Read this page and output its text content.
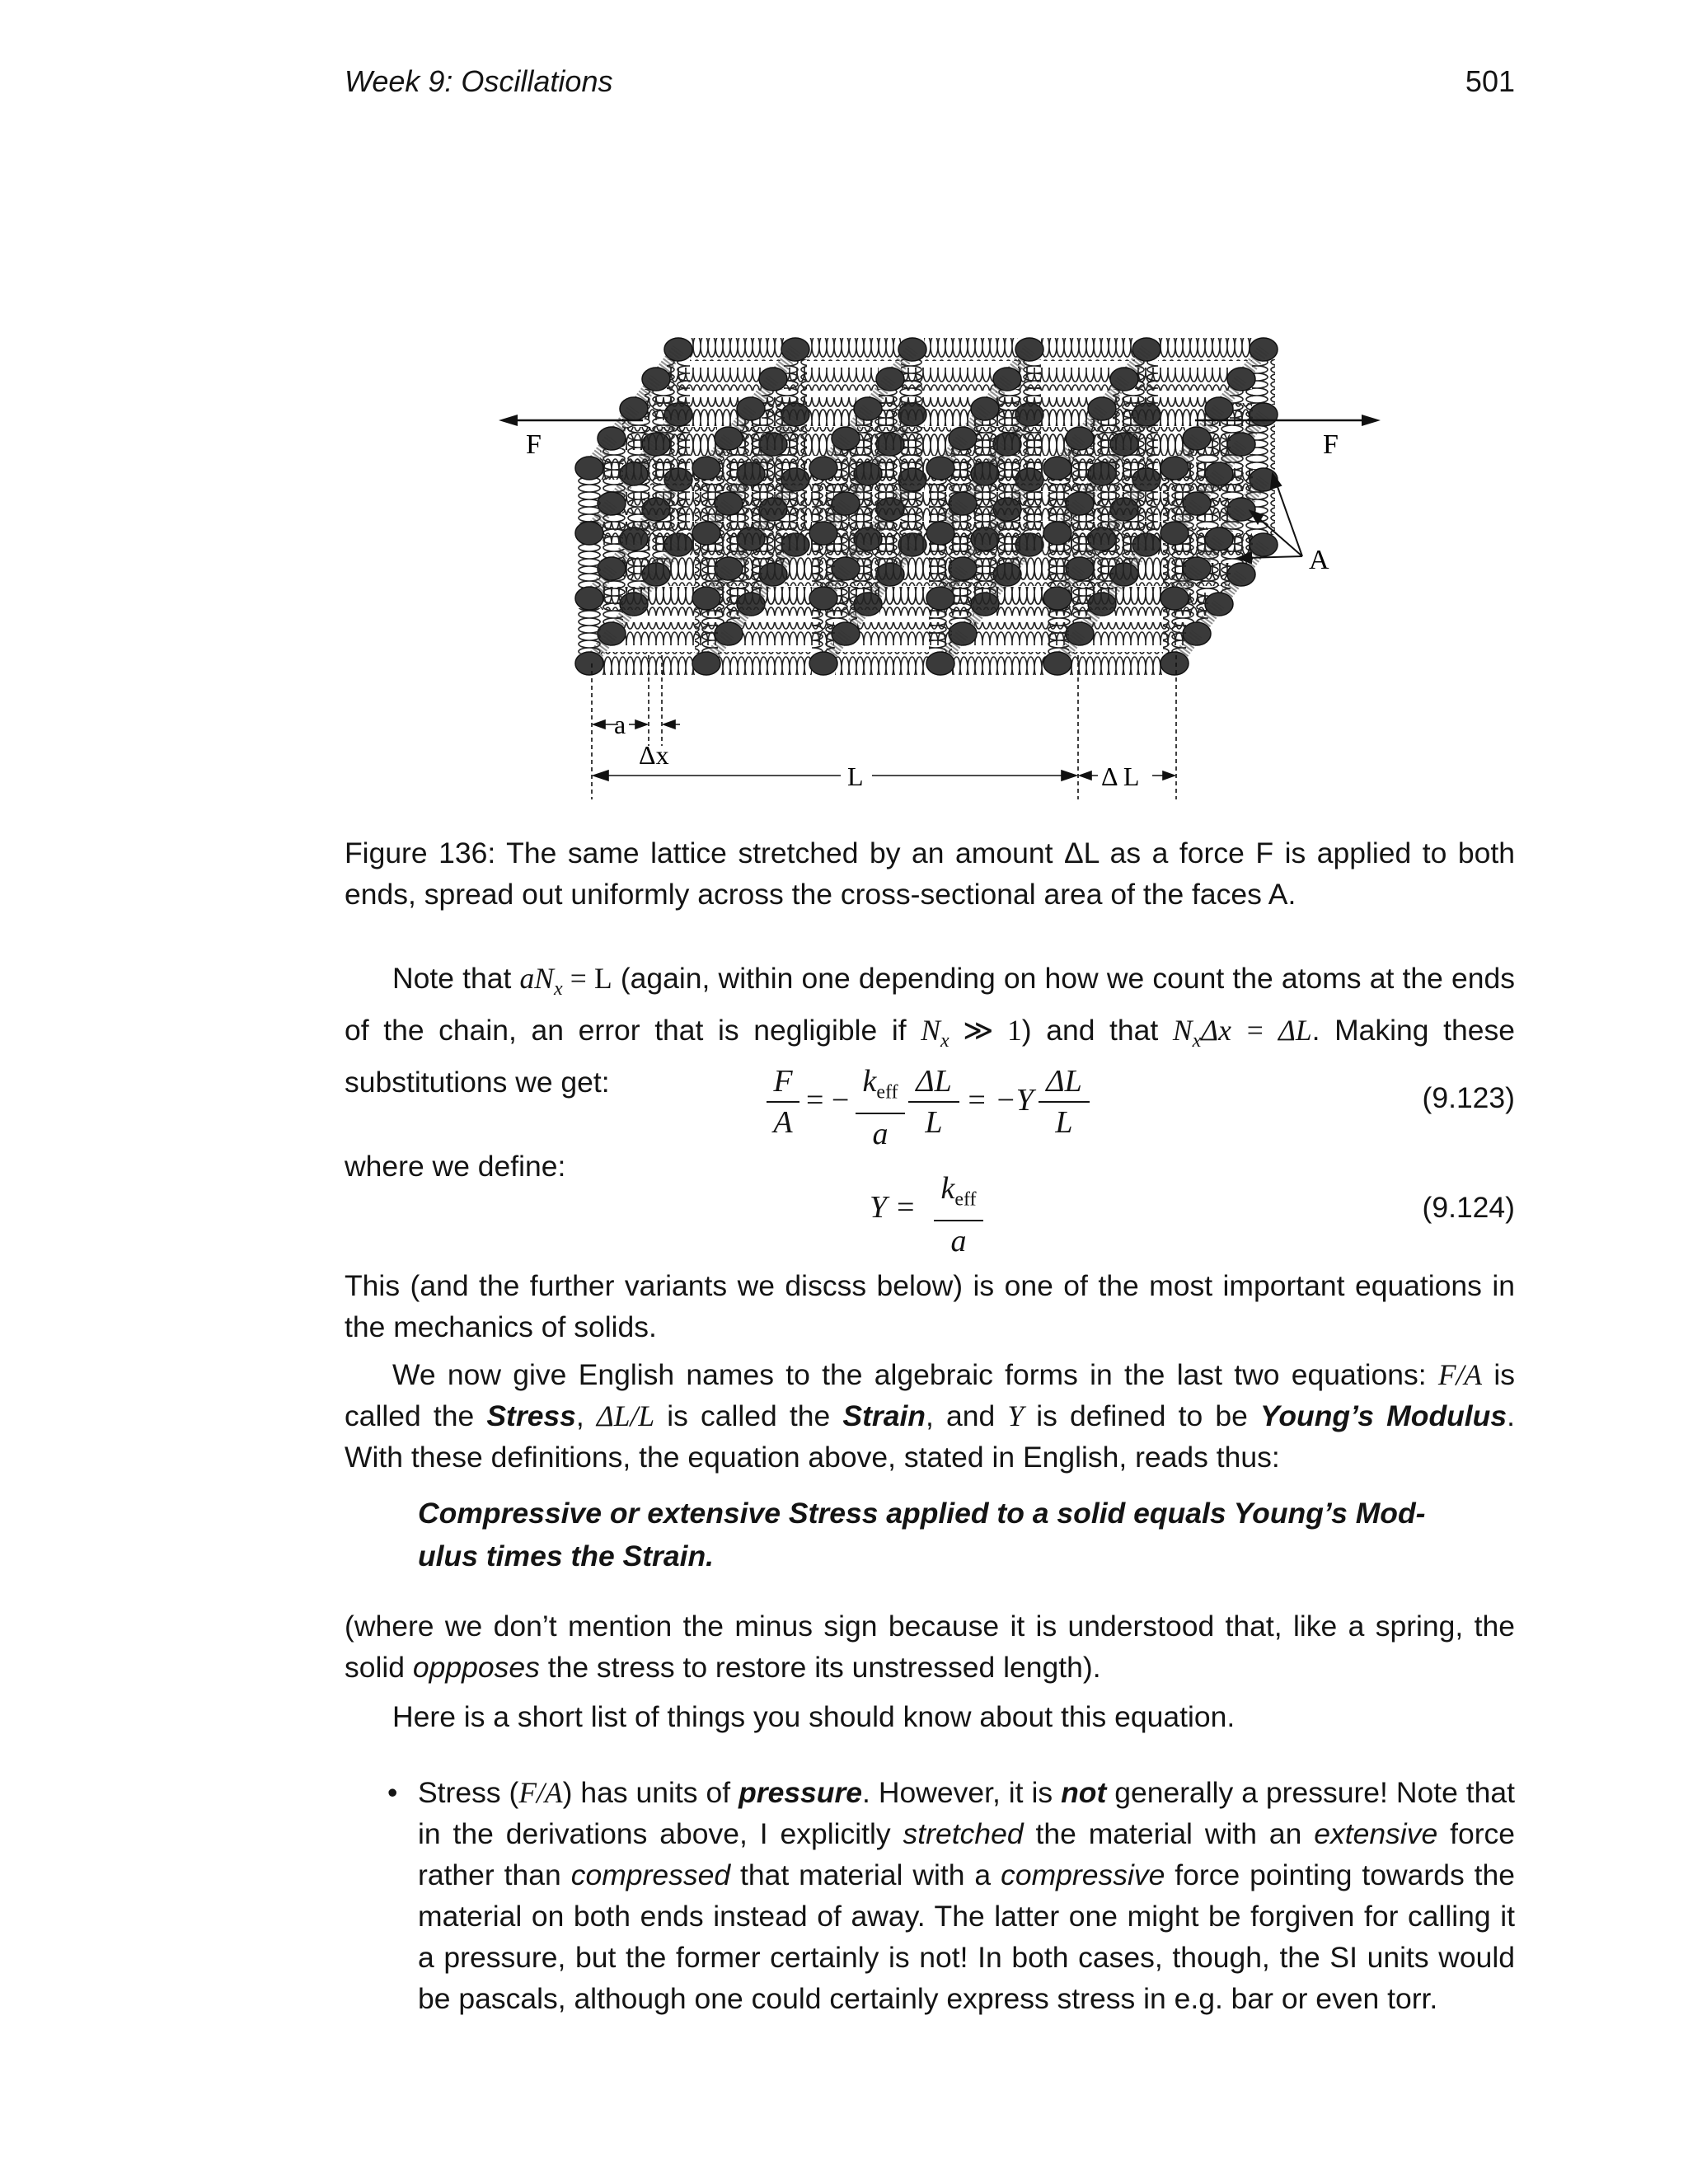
Week 9: Oscillations	501
F	F
A
a
Δx
L	Δ L
Figure 136: The same lattice stretched by an amount ΔL as a force F is applied to both ends, spread out uniformly across the cross-sectional area of the faces A.

Note that $aN_x = L$ (again, within one depending on how we count the atoms at the ends of the chain, an error that is negligible if $N_x$ ≫ 1) and that $N_x\Delta x = \Delta L$. Making these substitutions we get:	$\frac{F}{A}$ = −
$k_{eff}$
a $\frac{\Delta L}{L} = -Y \frac{\Delta L}{L}$	(9.123)
where we define:
Y =
$k_{eff}$
a
(9.124)
This (and the further variants we discss below) is one of the most important equations in the mechanics of solids.

We now give English names to the algebraic forms in the last two equations: F/A is called the Stress, ΔL/L is called the Strain, and Y is defined to be Young’s Modulus. With these definitions, the equation above, stated in English, reads thus:

Compressive or extensive Stress applied to a solid equals Young’s Mod-
ulus times the Strain.

(where we don’t mention the minus sign because it is understood that, like a spring, the solid oppposes the stress to restore its unstressed length).

Here is a short list of things you should know about this equation.

• Stress (F/A) has units of pressure. However, it is not generally a pressure! Note that in the derivations above, I explicitly stretched the material with an extensive force rather than compressed that material with a compressive force pointing towards the material on both ends instead of away. The latter one might be forgiven for calling it a pressure, but the former certainly is not! In both cases, though, the SI units would be pascals, although one could certainly express stress in e.g. bar or even torr.
